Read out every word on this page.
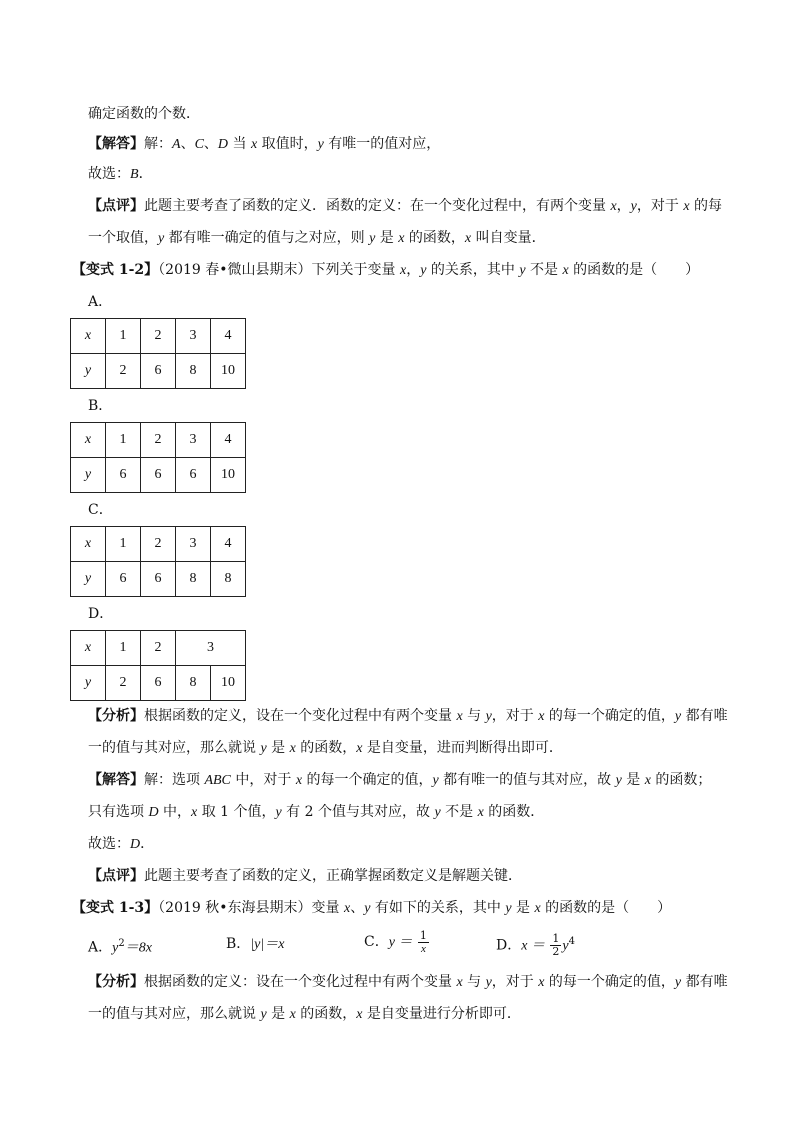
确定函数的个数．
【解答】解：A、C、D 当 x 取值时，y 有唯一的值对应，
故选：B．
【点评】此题主要考查了函数的定义．函数的定义：在一个变化过程中，有两个变量 x，y，对于 x 的每
一个取值，y 都有唯一确定的值与之对应，则 y 是 x 的函数，x 叫自变量．
【变式 1-2】（2019 春•微山县期末）下列关于变量 x，y 的关系，其中 y 不是 x 的函数的是（　　）
A．
x	1	2	3	4
y	2	6	8	10
B．
x	1	2	3	4
y	6	6	6	10
C．
x	1	2	3	4
y	6	6	8	8
D．
x	1	2	3	
y	2	6	8	10
【分析】根据函数的定义，设在一个变化过程中有两个变量 x 与 y，对于 x 的每一个确定的值，y 都有唯
一的值与其对应，那么就说 y 是 x 的函数，x 是自变量，进而判断得出即可．
【解答】解：选项 ABC 中，对于 x 的每一个确定的值，y 都有唯一的值与其对应，故 y 是 x 的函数；
只有选项 D 中，x 取 1 个值，y 有 2 个值与其对应，故 y 不是 x 的函数．
故选：D．
【点评】此题主要考查了函数的定义，正确掌握函数定义是解题关键．
【变式 1-3】（2019 秋•东海县期末）变量 x、y 有如下的关系，其中 y 是 x 的函数的是（　　）
A．$y^2=8x$	B．|y|＝x	C．$y = \frac{1}{x}$	D．$x = \frac{1}{2} y^4$
【分析】根据函数的定义：设在一个变化过程中有两个变量 x 与 y，对于 x 的每一个确定的值，y 都有唯
一的值与其对应，那么就说 y 是 x 的函数，x 是自变量进行分析即可．
